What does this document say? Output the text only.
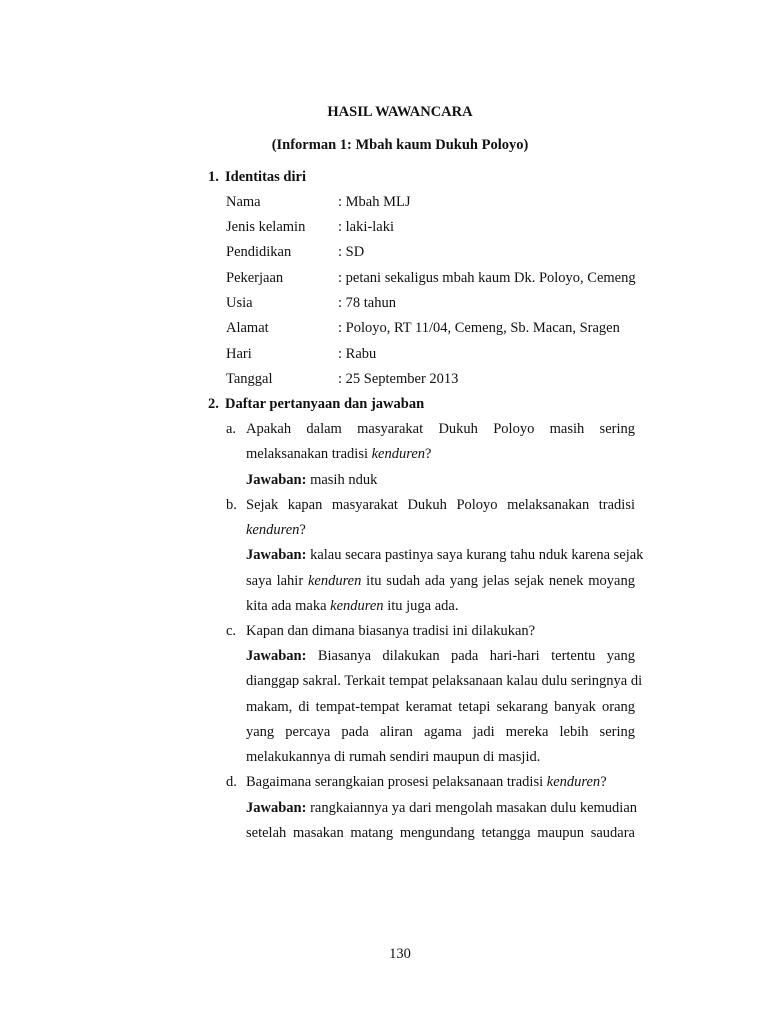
HASIL WAWANCARA
(Informan 1: Mbah kaum Dukuh Poloyo)
1. Identitas diri
Nama	: Mbah MLJ
Jenis kelamin : laki-laki
Pendidikan	: SD
Pekerjaan	: petani sekaligus mbah kaum Dk. Poloyo, Cemeng
Usia	: 78 tahun
Alamat	: Poloyo, RT 11/04, Cemeng, Sb. Macan, Sragen
Hari	: Rabu
Tanggal	: 25 September 2013
2. Daftar pertanyaan dan jawaban
a. Apakah dalam masyarakat Dukuh Poloyo masih sering
melaksanakan tradisi kenduren?
Jawaban: masih nduk
b. Sejak kapan masyarakat Dukuh Poloyo melaksanakan tradisi
kenduren?
Jawaban: kalau secara pastinya saya kurang tahu nduk karena sejak
saya lahir kenduren itu sudah ada yang jelas sejak nenek moyang
kita ada maka kenduren itu juga ada.
c. Kapan dan dimana biasanya tradisi ini dilakukan?
Jawaban: Biasanya dilakukan pada hari-hari tertentu yang
dianggap sakral. Terkait tempat pelaksanaan kalau dulu seringnya di
makam, di tempat-tempat keramat tetapi sekarang banyak orang
yang percaya pada aliran agama jadi mereka lebih sering
melakukannya di rumah sendiri maupun di masjid.
d. Bagaimana serangkaian prosesi pelaksanaan tradisi kenduren?
Jawaban: rangkaiannya ya dari mengolah masakan dulu kemudian
setelah masakan matang mengundang tetangga maupun saudara
130
